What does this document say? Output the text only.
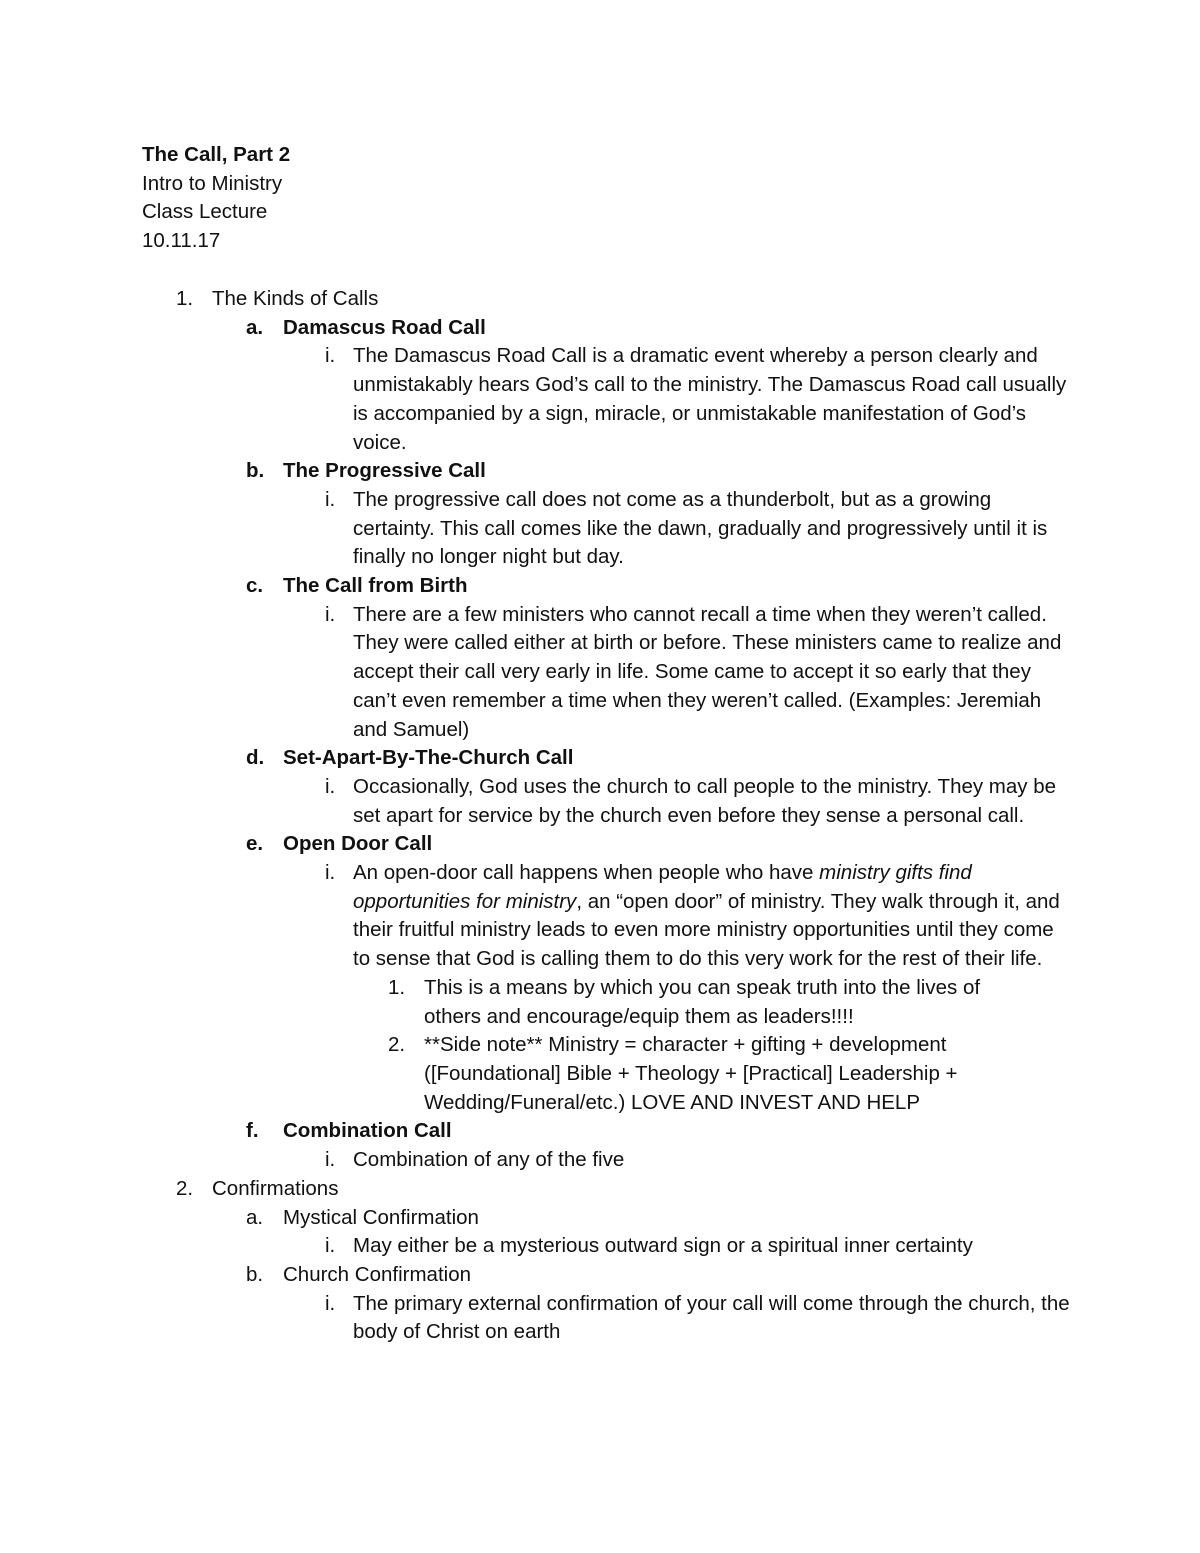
The Call, Part 2
Intro to Ministry
Class Lecture
10.11.17
1. The Kinds of Calls
a. Damascus Road Call
i. The Damascus Road Call is a dramatic event whereby a person clearly and unmistakably hears God’s call to the ministry. The Damascus Road call usually is accompanied by a sign, miracle, or unmistakable manifestation of God’s voice.
b. The Progressive Call
i. The progressive call does not come as a thunderbolt, but as a growing certainty. This call comes like the dawn, gradually and progressively until it is finally no longer night but day.
c. The Call from Birth
i. There are a few ministers who cannot recall a time when they weren’t called. They were called either at birth or before. These ministers came to realize and accept their call very early in life. Some came to accept it so early that they can’t even remember a time when they weren’t called. (Examples: Jeremiah and Samuel)
d. Set-Apart-By-The-Church Call
i. Occasionally, God uses the church to call people to the ministry. They may be set apart for service by the church even before they sense a personal call.
e. Open Door Call
i. An open-door call happens when people who have ministry gifts find opportunities for ministry, an “open door” of ministry. They walk through it, and their fruitful ministry leads to even more ministry opportunities until they come to sense that God is calling them to do this very work for the rest of their life.
1. This is a means by which you can speak truth into the lives of others and encourage/equip them as leaders!!!!
2. **Side note** Ministry = character + gifting + development ([Foundational] Bible + Theology + [Practical] Leadership + Wedding/Funeral/etc.) LOVE AND INVEST AND HELP
f. Combination Call
i. Combination of any of the five
2. Confirmations
a. Mystical Confirmation
i. May either be a mysterious outward sign or a spiritual inner certainty
b. Church Confirmation
i. The primary external confirmation of your call will come through the church, the body of Christ on earth
